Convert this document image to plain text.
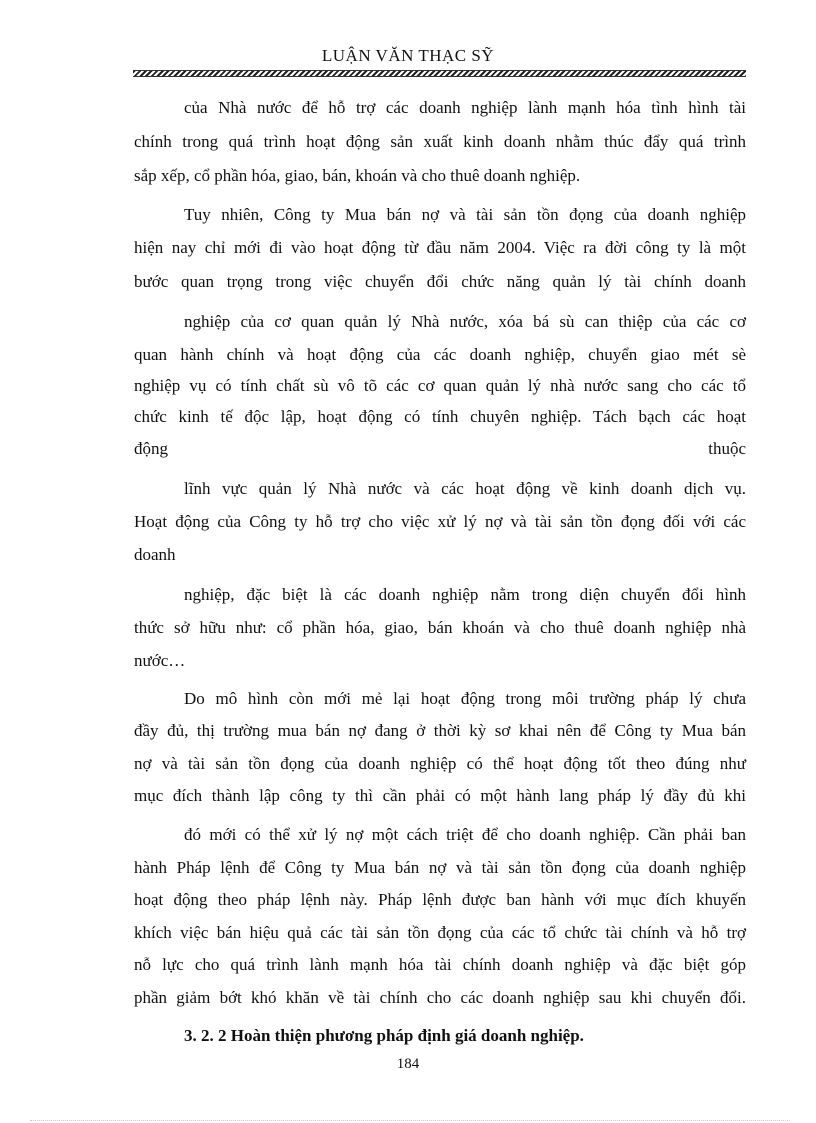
LUẬN VĂN THẠC SỸ
của Nhà nước để hỗ trợ các doanh nghiệp lành mạnh hóa tình hình tài
chính trong quá trình hoạt động sản xuất kinh doanh nhằm thúc đẩy quá trình
sắp xếp, cổ phần hóa, giao, bán, khoán và cho thuê doanh nghiệp.
Tuy nhiên, Công ty Mua bán nợ và tài sản tồn đọng của doanh nghiệp
hiện nay chỉ mới đi vào hoạt động từ đầu năm 2004. Việc ra đời công ty là một
bước quan trọng trong việc chuyển đổi chức năng quản lý tài chính doanh
nghiệp của cơ quan quản lý Nhà nước, xóa bá sù can thiệp của các cơ
quan hành chính và hoạt động của các doanh nghiệp, chuyển giao mét sè
nghiệp vụ có tính chất sù vô tõ các cơ quan quản lý nhà nước sang cho các tổ
chức kinh tế độc lập, hoạt động có tính chuyên nghiệp. Tách bạch các hoạt
động	thuộc
lĩnh vực quản lý Nhà nước và các hoạt động về kinh doanh dịch vụ.
Hoạt động của Công ty hỗ trợ cho việc xử lý nợ và tài sản tồn đọng đối với các
doanh
nghiệp, đặc biệt là các doanh nghiệp nằm trong diện chuyển đổi hình
thức sở hữu như: cổ phần hóa, giao, bán khoán và cho thuê doanh nghiệp nhà
nước…
Do mô hình còn mới mẻ lại hoạt động trong môi trường pháp lý chưa
đầy đủ, thị trường mua bán nợ đang ở thời kỳ sơ khai nên để Công ty Mua bán
nợ và tài sản tồn đọng của doanh nghiệp có thể hoạt động tốt theo đúng như
mục đích thành lập công ty thì cần phải có một hành lang pháp lý đầy đủ khi
đó mới có thể xử lý nợ một cách triệt để cho doanh nghiệp. Cần phải ban
hành Pháp lệnh để Công ty Mua bán nợ và tài sản tồn đọng của doanh nghiệp
hoạt động theo pháp lệnh này. Pháp lệnh được ban hành với mục đích khuyến
khích việc bán hiệu quả các tài sản tồn đọng của các tổ chức tài chính và hỗ trợ
nỗ lực cho quá trình lành mạnh hóa tài chính doanh nghiệp và đặc biệt góp
phần giảm bớt khó khăn về tài chính cho các doanh nghiệp sau khi chuyển đổi.
3. 2. 2 Hoàn thiện phương pháp định giá doanh nghiệp.
184
